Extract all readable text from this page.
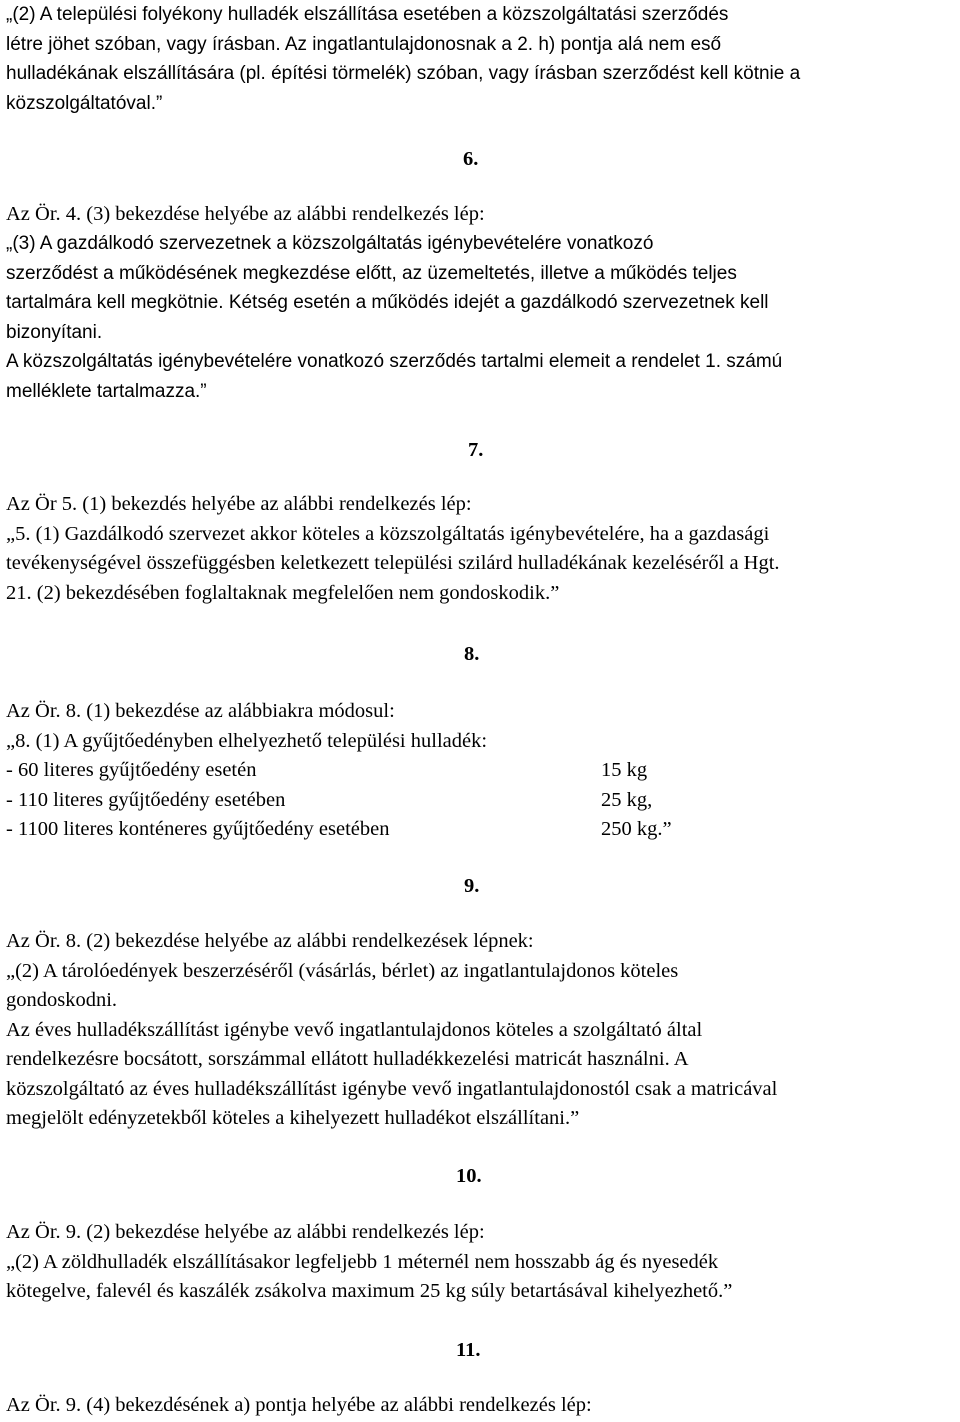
„(2) A települési folyékony hulladék elszállítása esetében a közszolgáltatási szerződés
létre jöhet szóban, vagy írásban. Az ingatlantulajdonosnak a 2. h) pontja alá nem eső
hulladékának elszállítására (pl. építési törmelék) szóban, vagy írásban szerződést kell kötnie a
közszolgáltatóval.”
6.
Az Ör. 4. (3) bekezdése helyébe az alábbi rendelkezés lép:
„(3) A gazdálkodó szervezetnek a közszolgáltatás igénybevételére vonatkozó
szerződést a működésének megkezdése előtt, az üzemeltetés, illetve a működés teljes
tartalmára kell megkötnie. Kétség esetén a működés idejét a gazdálkodó szervezetnek kell
bizonyítani.
A közszolgáltatás igénybevételére vonatkozó szerződés tartalmi elemeit a rendelet 1. számú
melléklete tartalmazza.”
7.
Az Ör 5. (1) bekezdés helyébe az alábbi rendelkezés lép:
„5. (1) Gazdálkodó szervezet akkor köteles a közszolgáltatás igénybevételére, ha a gazdasági
tevékenységével összefüggésben keletkezett települési szilárd hulladékának kezeléséről a Hgt.
21. (2) bekezdésében foglaltaknak megfelelően nem gondoskodik.”
8.
Az Ör. 8. (1) bekezdése az alábbiakra módosul:
„8. (1) A gyűjtőedényben elhelyezhető települési hulladék:
- 60 literes gyűjtőedény esetén	15 kg
- 110 literes gyűjtőedény esetében	25 kg,
- 1100 literes konténeres gyűjtőedény esetében	250 kg.”
9.
Az Ör. 8. (2) bekezdése helyébe az alábbi rendelkezések lépnek:
„(2) A tárolóedények beszerzéséről (vásárlás, bérlet) az ingatlantulajdonos köteles
gondoskodni.
Az éves hulladékszállítást igénybe vevő ingatlantulajdonos köteles a szolgáltató által
rendelkezésre bocsátott, sorszámmal ellátott hulladékkezelési matricát használni. A
közszolgáltató az éves hulladékszállítást igénybe vevő ingatlantulajdonostól csak a matricával
megjelölt edényzetekből köteles a kihelyezett hulladékot elszállítani.”
10.
Az Ör. 9. (2) bekezdése helyébe az alábbi rendelkezés lép:
„(2) A zöldhulladék elszállításakor legfeljebb 1 méternél nem hosszabb ág és nyesedék
kötegelve, falevél és kaszálék zsákolva maximum 25 kg súly betartásával kihelyezhető.”
11.
Az Ör. 9. (4) bekezdésének a) pontja helyébe az alábbi rendelkezés lép:
